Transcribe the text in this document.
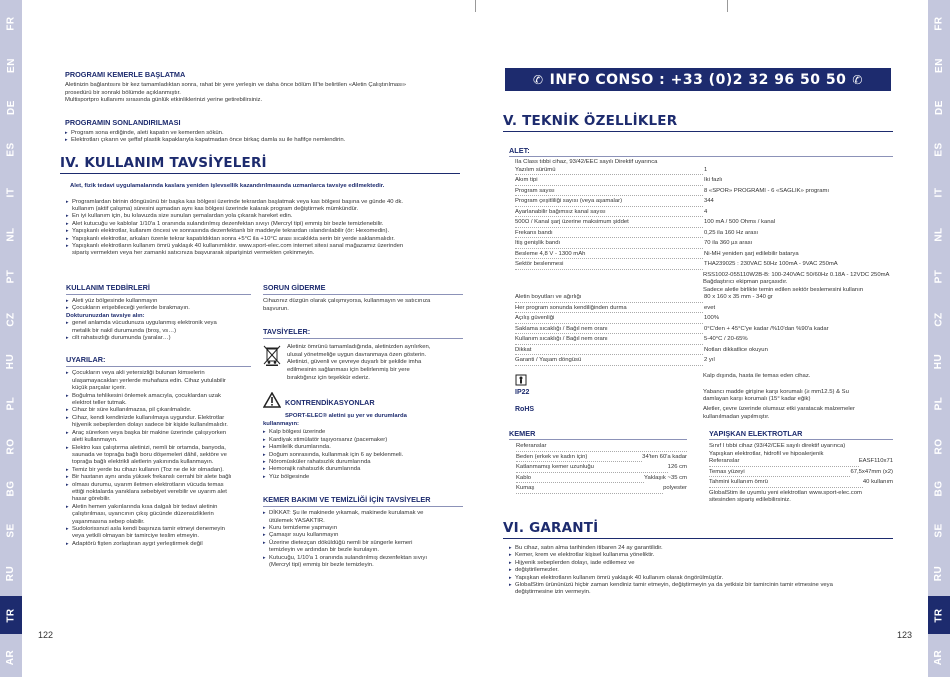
FR
EN
DE
ES
IT
NL
PT
CZ
HU
PL
RO
BG
SE
RU
TR
AR
FR
EN
DE
ES
IT
NL
PT
CZ
HU
PL
RO
BG
SE
RU
TR
AR
122	123
PROGRAMI KEMERLE BAŞLATMA
Aletinizin bağlantısını bir kez tamamladıktan sonra, rahat bir yere yerleşin ve daha önce bölüm III'te belirtilen «Aletin Çalıştırılması»
prosedürü bir sonraki bölümde açıklanmıştır.
Multisportpro kullanımı sırasında günlük etkinliklerinizi yerine getirebilirsiniz.
PROGRAMIN SONLANDIRILMASI
▸ Program sona erdiğinde, aleti kapatın ve kemerden sökün.
▸ Elektrotları çıkarın ve şeffaf plastik kapaklarıyla kapatmadan önce birkaç damla su ile hafifçe nemlendirin.
IV. KULLANIM TAVSİYELERİ
Alet, fizik tedavi uygulamalarında kaslara yeniden işlevsellik kazandırılmasında uzmanlarca tavsiye edilmektedir.
▸ Programlardan birinin döngüsünü bir başka kas bölgesi üzerinde tekrardan başlatmak veya kas bölgesi başına ve günde 40 dk.
kullanım (aktif çalışma) süresini aşmadan aynı kas bölgesi üzerinde kalarak program değiştirmek mümkündür.
▸ En iyi kullanım için, bu kılavuzda size sunulan şemalardan yola çıkarak hareket edin.
▸ Alet kutucuğu ve kablolar 1/10'a 1 oranında sulandırılmış dezenfektan sıvıyı (Mercryl tipi) emmiş bir bezle temizlenebilir.
▸ Yapışkanlı elektrotlar, kullanım öncesi ve sonrasında dezenfektanlı bir maddeyle tekrardan ıslandırılabilir (ör: Hexomedin).
▸ Yapışkanlı elektrotlar, arkaları özenle tekrar kapatıldıktan sonra +5°C ila +10°C arası sıcaklıkta serin bir yerde saklanmalıdır.
▸ Yapışkanlı elektrotların kullanım ömrü yaklaşık 40 kullanımlıktır. www.sport-elec.com internet sitesi sanal mağazamız üzerinden
sipariş vermekten veya her zamanki satıcınıza başvurarak siparişinizi vermekten çekinmeyin.
KULLANIM TEDBİRLERİ
▸ Aleti yüz bölgesinde kullanmayın
▸ Çocukların erişebileceği yerlerde bırakmayın.
Dokturunuzdan tavsiye alın:
▸ genel anlamda vücudunuza uygulanmış elektronik veya
metalik bir nakil durumunda (broş, vs…)
▸ cilt rahatsızlığı durumunda (yaralar…)
UYARILAR:
▸ Çocukların veya akli yetersizliği bulunan kimselerin
ulaşamayacakları yerlerde muhafaza edin. Cihaz yutulabilir
küçük parçalar içerir.
▸ Boğulma tehlikesini önlemek amacıyla, çocuklardan uzak
elektrot teller tutmak.
▸ Cihaz bir süre kullanılmazsa, pil çıkarılmalıdır.
▸ Cihaz, kendi kendinizde kullanılmaya uygundur. Elektrotlar
hijyenik sebeplerden dolayı sadece bir kişide kullanılmalıdır.
▸ Araç sürerken veya başka bir makine üzerinde çalışıyorken
aleti kullanmayın.
▸ Elektro kas çalıştırma aletinizi, nemli bir ortamda, banyoda,
saunada ve toprağa bağlı boru döşemeleri dâhil, sektöre ve
toprağa bağlı elektrikli aletlerin yakınında kullanmayın.
▸ Temiz bir yerde bu cihazı kullanın (Toz ne de kir olmadan).
▸ Bir hastanın aynı anda yüksek frekanslı cerrahi bir alete bağlı
▸ olması durumu, uyarım iletmen elektrotların vücuda temas
ettiği noktalarda yanıklara sebebiyet verebilir ve uyarım alet
hasar görebilir.
▸ Aletin hemen yakınlarında kısa dalgalı bir tedavi aletinin
çalıştırılması, uyarıcının çıkış gücünde düzensizliklerin
yaşanmasına sebep olabilir.
▸ Sudolorissnızi asla kendi başınıza tamir etmeyi denemeyin
veya yetkili olmayan bir tamirciye teslim etmeyin.
▸ Adaptörü fişten zorlaştıran aygıt yerleştirmek değil
SORUN GİDERME
Cihazınız düzgün olarak çalışmıyorsa, kullanmayın ve satıcınıza
başvurun.
TAVSİYELER:
Aletiniz ömrünü tamamladığında, aletinizden ayrılırken,
ulusal yönetmeliğe uygun davranmaya özen gösterin.
Aletinizi, güvenli ve çevreye duyarlı bir şekilde imha
edilmesinin sağlanması için belirlenmiş bir yere
bıraktığınız için teşekkür ederiz.
KONTRENDİKASYONLAR
SPORT-ELEC® aletini şu yer ve durumlarda
kullanmayın:
▸ Kalp bölgesi üzerinde
▸ Kardiyak stimülatör taşıyorsanız (pacemaker)
▸ Hamilelik durumlarında.
▸ Doğum sonrasında, kullanmak için 6 ay beklenmeli.
▸ Nöromüsküler rahatsızlık durumlarında
▸ Hemorajik rahatsızlık durumlarında
▸ Yüz bölgesinde
KEMER BAKIMI VE TEMİZLİĞİ İÇİN TAVSİYELER
▸ DİKKAT: Şu ile makinede yıkamak, makinede kurulamak ve
ütülemek YASAKTIR.
▸ Kuru temizleme yapmayın
▸ Çamaşır suyu kullanmayın
▸ Üzerine dietezçan döküldüğü nemli bir süngerle kemeri
temizleyin ve ardından bir bezle kurulayın.
▸ Kutucuğu, 1/10'a 1 oranında sulandırılmış dezenfektan sıvıyı
(Mercryl tipi) emmiş bir bezle temizleyin.
✆ INFO CONSO : +33 (0)2 32 96 50 50 ✆
V. TEKNİK ÖZELLİKLER
ALET:
IIa Class tıbbi cihaz, 93/42/EEC sayılı Direktif uyarınca
Yazılım sürümü	1
Akım tipi	İki fazlı
Program sayısı	8 «SPOR» PROGRAMI - 6 «SAĞLIK» programı
Program çeşitliliği sayısı (veya aşamalar)	344
Ayarlanabilir bağımsız kanal sayısı	4
500Ω / Kanal şarj üzerine maksimum şiddet	100 mA / 500 Ohms / kanal
Frekans bandı	0,25 ila 160 Hz arası
İtiş genişlik bandı	70 ila 360 µs arası
Besleme 4,8 V - 1300 mAh	Ni-MH yeniden şarj edilebilir batarya
Sektör beslenmesi	THA239025 : 230VAC 50Hz 100mA - 9VAC 250mA
RSS1002-055110W2B-B: 100-240VAC 50/60Hz 0.18A - 12VDC 250mA
Bağdaştırıcı ekipman parçasıdır.
Sadece aletle birlikte temin edilen sektör beslemesini kullanın
Aletin boyutları ve ağırlığı	80 x 160 x 35 mm - 340 gr
Her program sonunda kendiliğinden durma	evet
Açılış güvenliği	100%
Saklama sıcaklığı / Bağıl nem oranı	0°C'den + 45°C'ye kadar /%10'dan %90'a kadar
Kullanım sıcaklığı / Bağıl nem oranı	5-40°C / 20-65%
Dikkat	Notları dikkatlice okuyun
Garanti / Yaşam döngüsü	2 yıl
Kalp dışında, hasta ile temas eden cihaz.
IP22	Yabancı madde girişine karşı korumalı (≥ mm12.5) & Su
damlayan karşı korumalı (15° kadar eğik)
RoHS	Aletler, çevre üzerinde olumsuz etki yaratacak malzemeler
kullanılmadan yapılmıştır.
KEMER
Referanslar
Beden (erkek ve kadın için)	34'ten 60'a kadar
Katlanmamış kemer uzunluğu	126 cm
Kablo	Yaklaşık ~35 cm
Kumaş	polyester
YAPIŞKAN ELEKTROTLAR
Sınıf I tıbbi cihaz (93/42/CEE sayılı direktif uyarınca)
Yapışkan elektrotlar, hidrofil ve hipoalerjenik
Referanslar	EASF110x71
Temas yüzeyi	67,5x47mm (x2)
Tahmini kullanım ömrü	40 kullanım
GlobalStim ile uyumlu yeni elektrotları www.sport-elec.com
sitesinden sipariş edilebilirsiniz.
VI. GARANTİ
▸ Bu cihaz, satın alma tarihinden itibaren 24 ay garantilidir.
▸ Kemer, krem ve elektrotlar kişisel kullanıma yöneliktir.
▸ Hijyenik sebeplerden dolayı, iade edilemez ve
▸ değiştirilemezler.
▸ Yapışkan elektrotların kullanım ömrü yaklaşık 40 kullanım olarak öngörülmüştür.
▸ GlobalStim ürününüzü hiçbir zaman kendiniz tamir etmeyin, değiştirmeyin ya da yetkisiz bir tamircinin tamir etmesine veya
değiştirmesine izin vermeyin.
